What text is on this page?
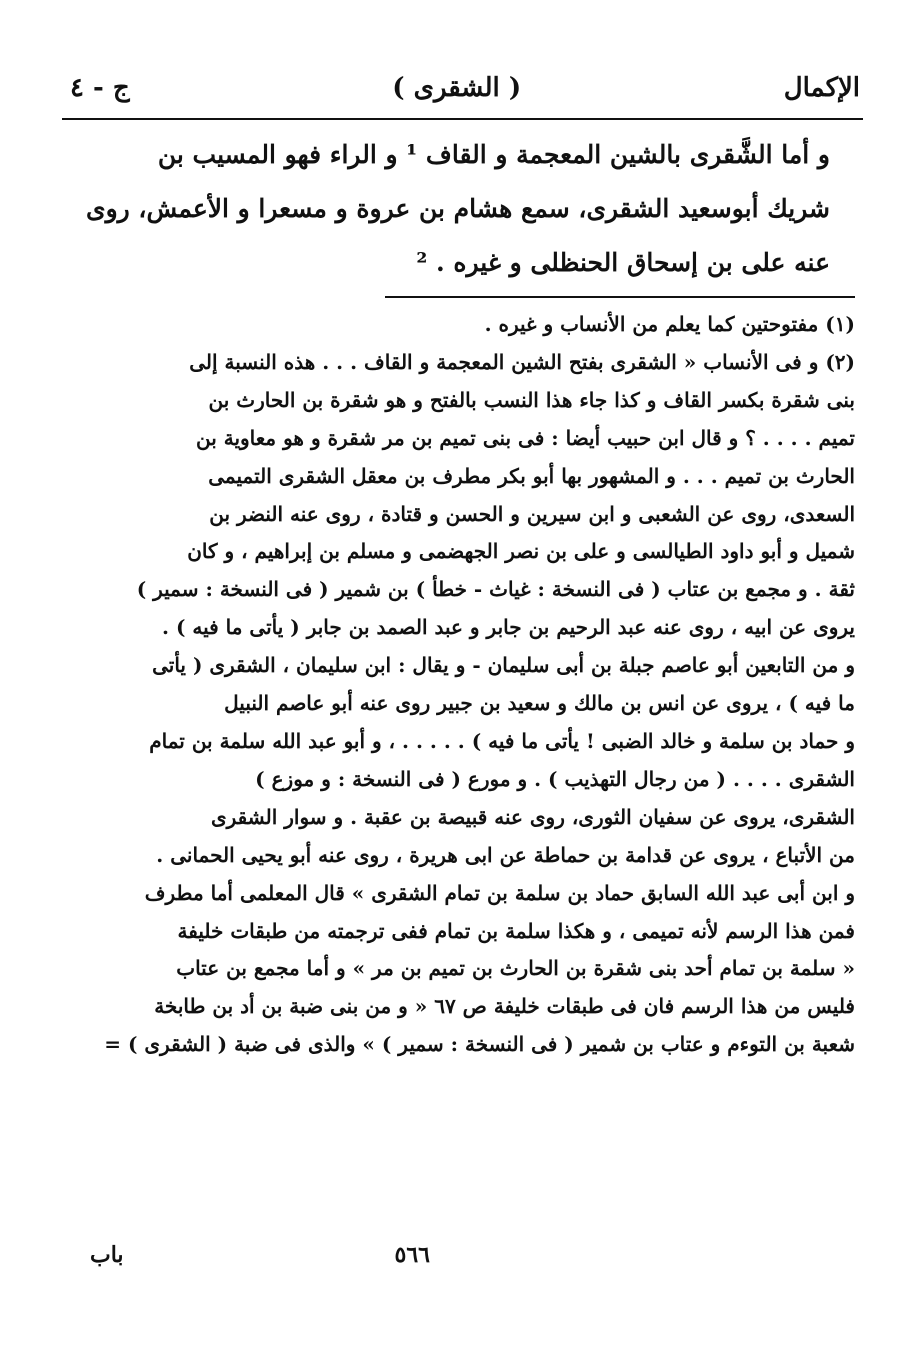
الإكمال
( الشقرى )
ج - ٤

و أما الشَّقرى بالشين المعجمة و القاف ¹ و الراء فهو المسيب بن

شريك أبوسعيد الشقرى، سمع هشام بن عروة و مسعرا و الأعمش، روى

عنه على بن إسحاق الحنظلى و غيره . ²

(١) مفتوحتين كما يعلم من الأنساب و غيره .

(٢) و فى الأنساب « الشقرى بفتح الشين المعجمة و القاف . . . هذه النسبة إلى

بنى شقرة بكسر القاف و كذا جاء هذا النسب بالفتح و هو شقرة بن الحارث بن

تميم . . . . ؟ و قال ابن حبيب أيضا : فى بنى تميم بن مر شقرة و هو معاوية بن

الحارث بن تميم . . . و المشهور بها أبو بكر مطرف بن معقل الشقرى التميمى

السعدى، روى عن الشعبى و ابن سيرين و الحسن و قتادة ، روى عنه النضر بن

شميل و أبو داود الطيالسى و على بن نصر الجهضمى و مسلم بن إبراهيم ، و كان

ثقة . و مجمع بن عتاب ( فى النسخة : غياث - خطأ ) بن شمير ( فى النسخة : سمير )

يروى عن ابيه ، روى عنه عبد الرحيم بن جابر و عبد الصمد بن جابر ( يأتى ما فيه ) .

و من التابعين أبو عاصم جبلة بن أبى سليمان - و يقال : ابن سليمان ، الشقرى ( يأتى

ما فيه ) ، يروى عن انس بن مالك و سعيد بن جبير روى عنه أبو عاصم النبيل

و حماد بن سلمة و خالد الضبى ! يأتى ما فيه ) . . . . . ، و أبو عبد الله سلمة بن تمام

الشقرى . . . . ( من رجال التهذيب ) . و مورع ( فى النسخة : و موزع )

الشقرى، يروى عن سفيان الثورى، روى عنه قبيصة بن عقبة . و سوار الشقرى

من الأتباع ، يروى عن قدامة بن حماطة عن ابى هريرة ، روى عنه أبو يحيى الحمانى .

و ابن أبى عبد الله السابق حماد بن سلمة بن تمام الشقرى » قال المعلمى أما مطرف

فمن هذا الرسم لأنه تميمى ، و هكذا سلمة بن تمام ففى ترجمته من طبقات خليفة

« سلمة بن تمام أحد بنى شقرة بن الحارث بن تميم بن مر » و أما مجمع بن عتاب

فليس من هذا الرسم فان فى طبقات خليفة ص ٦٧ « و من بنى ضبة بن أد بن طابخة

شعبة بن التوءم و عتاب بن شمير ( فى النسخة : سمير ) » والذى فى ضبة ( الشقرى ) =

٥٦٦
باب
